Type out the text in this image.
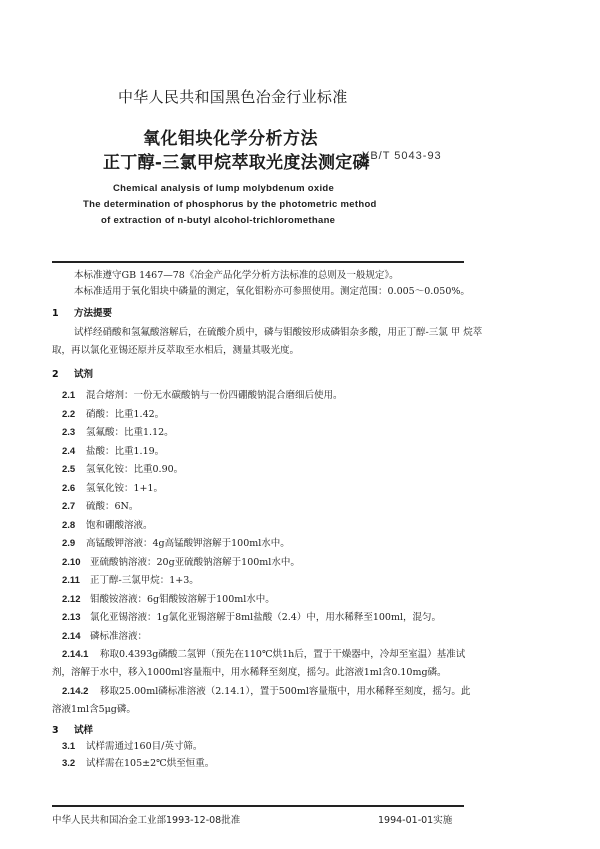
中华人民共和国黑色冶金行业标准
氧化钼块化学分析方法
正丁醇-三氯甲烷萃取光度法测定磷
YB/T 5043-93
Chemical analysis of lump molybdenum oxide
The determination of phosphorus by the photometric method
of extraction of n-butyl alcohol-trichloromethane
本标准遵守GB 1467—78《冶金产品化学分析方法标准的总则及一般规定》。
本标准适用于氧化钼块中磷量的测定，氧化钼粉亦可参照使用。测定范围：0.005～0.050%。
1 方法提要
试样经硝酸和氢氟酸溶解后，在硫酸介质中，磷与钼酸铵形成磷钼杂多酸，用正丁醇-三氯 甲 烷萃
取，再以氯化亚锡还原并反萃取至水相后，测量其吸光度。
2 试剂
2.1 混合熔剂：一份无水碳酸钠与一份四硼酸钠混合磨细后使用。
2.2 硝酸：比重1.42。
2.3 氢氟酸：比重1.12。
2.4 盐酸：比重1.19。
2.5 氢氧化铵：比重0.90。
2.6 氢氧化铵：1+1。
2.7 硫酸：6N。
2.8 饱和硼酸溶液。
2.9 高锰酸钾溶液：4g高锰酸钾溶解于100ml水中。
2.10 亚硫酸钠溶液：20g亚硫酸钠溶解于100ml水中。
2.11 正丁醇-三氯甲烷：1+3。
2.12 钼酸铵溶液：6g钼酸铵溶解于100ml水中。
2.13 氯化亚锡溶液：1g氯化亚锡溶解于8ml盐酸（2.4）中，用水稀释至100ml，混匀。
2.14 磷标准溶液：
2.14.1 称取0.4393g磷酸二氢钾（预先在110℃烘1h后，置于干燥器中，冷却至室温）基准试
剂，溶解于水中，移入1000ml容量瓶中，用水稀释至刻度，摇匀。此溶液1ml含0.10mg磷。
2.14.2 移取25.00ml磷标准溶液（2.14.1），置于500ml容量瓶中，用水稀释至刻度，摇匀。此
溶液1ml含5μg磷。
3 试样
3.1 试样需通过160目/英寸筛。
3.2 试样需在105±2℃烘至恒重。
中华人民共和国冶金工业部1993-12-08批准	1994-01-01实施
